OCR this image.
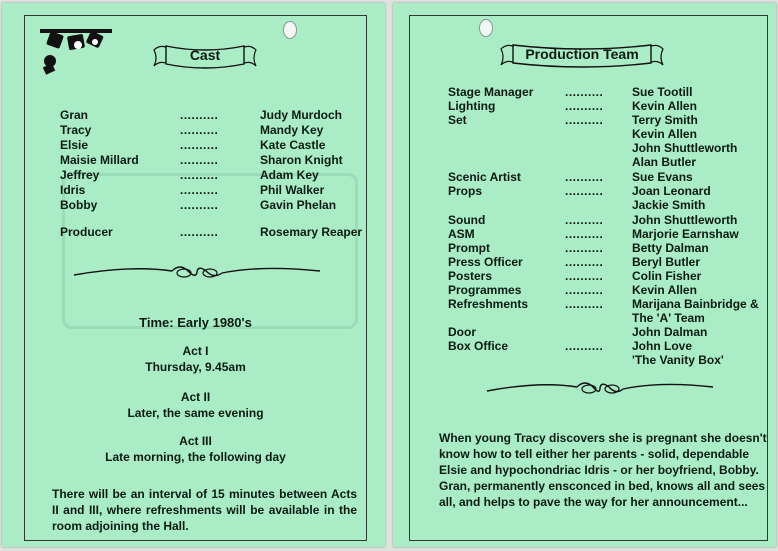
Cast
Gran	..........	Judy Murdoch
Tracy	..........	Mandy Key
Elsie	..........	Kate Castle
Maisie Millard	..........	Sharon Knight
Jeffrey	..........	Adam Key
Idris	..........	Phil Walker
Bobby	..........	Gavin Phelan
Producer	..........	Rosemary Reaper
Time: Early 1980's
Act I
Thursday, 9.45am
Act II
Later, the same evening
Act III
Late morning, the following day
There will be an interval of 15 minutes between Acts II and III, where refreshments will be available in the room adjoining the Hall.
Production Team
Stage Manager	.......... Sue Tootill
Lighting	.......... Kevin Allen
Set	.......... Terry Smith
Kevin Allen
John Shuttleworth
Alan Butler
Scenic Artist	.......... Sue Evans
Props	.......... Joan Leonard
Jackie Smith
Sound	.......... John Shuttleworth
ASM	.......... Marjorie Earnshaw
Prompt	.......... Betty Dalman
Press Officer	.......... Beryl Butler
Posters	.......... Colin Fisher
Programmes	.......... Kevin Allen
Refreshments	.......... Marijana Bainbridge &
The 'A' Team
Door	John Dalman
Box Office	.......... John Love
'The Vanity Box'
When young Tracy discovers she is pregnant she doesn't know how to tell either her parents - solid, dependable Elsie and hypochondriac Idris - or her boyfriend, Bobby. Gran, permanently ensconced in bed, knows all and sees all, and helps to pave the way for her announcement...
